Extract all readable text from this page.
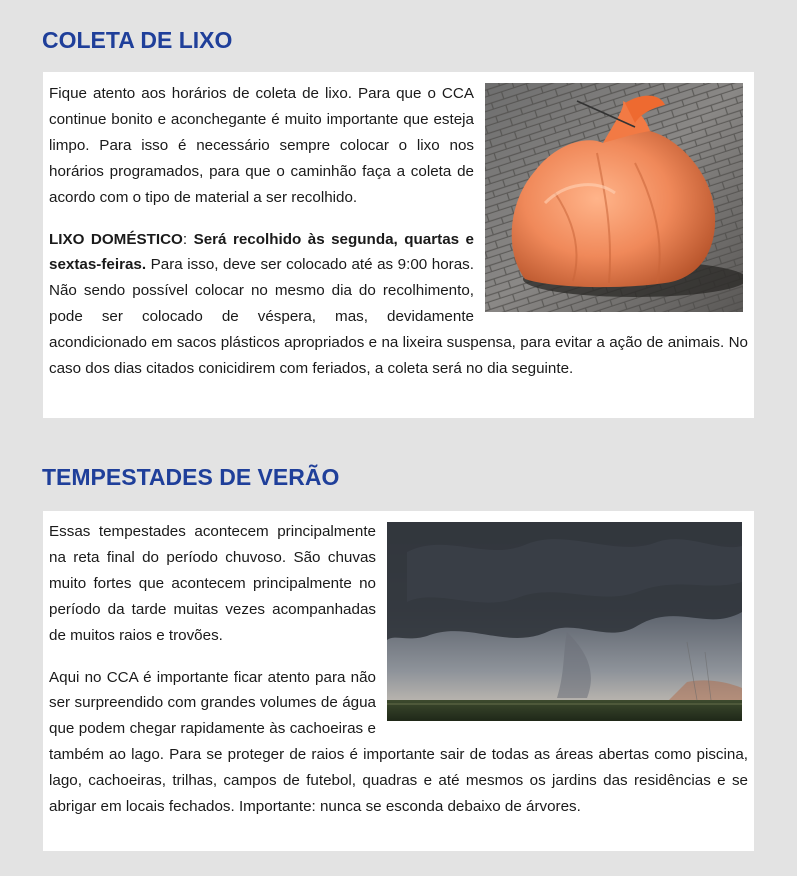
COLETA DE LIXO

Fique atento aos horários de coleta de lixo. Para que o CCA continue bonito e aconchegante é muito importante que esteja limpo. Para isso é necessário sempre colocar o lixo nos horários programados, para que o caminhão faça a coleta de acordo com o tipo de material a ser recolhido.

LIXO DOMÉSTICO: Será recolhido às segunda, quartas e sextas-feiras. Para isso, deve ser colocado até as 9:00 horas. Não sendo possível colocar no mesmo dia do recolhimento, pode ser colocado de véspera, mas, devidamente acondicionado em sacos plásticos apropriados e na lixeira suspensa, para evitar a ação de animais. No caso dos dias citados conicidirem com feriados, a coleta será no dia seguinte.

TEMPESTADES DE VERÃO

Essas tempestades acontecem principalmente na reta final do período chuvoso. São chuvas muito fortes que acontecem principalmente no período da tarde muitas vezes acompanhadas de muitos raios e trovões.

Aqui no CCA é importante ficar atento para não ser surpreendido com grandes volumes de água que podem chegar rapidamente às cachoeiras e também ao lago. Para se proteger de raios é importante sair de todas as áreas abertas como piscina, lago, cachoeiras, trilhas, campos de futebol, quadras e até mesmos os jardins das residências e se abrigar em locais fechados. Importante: nunca se esconda debaixo de árvores.
